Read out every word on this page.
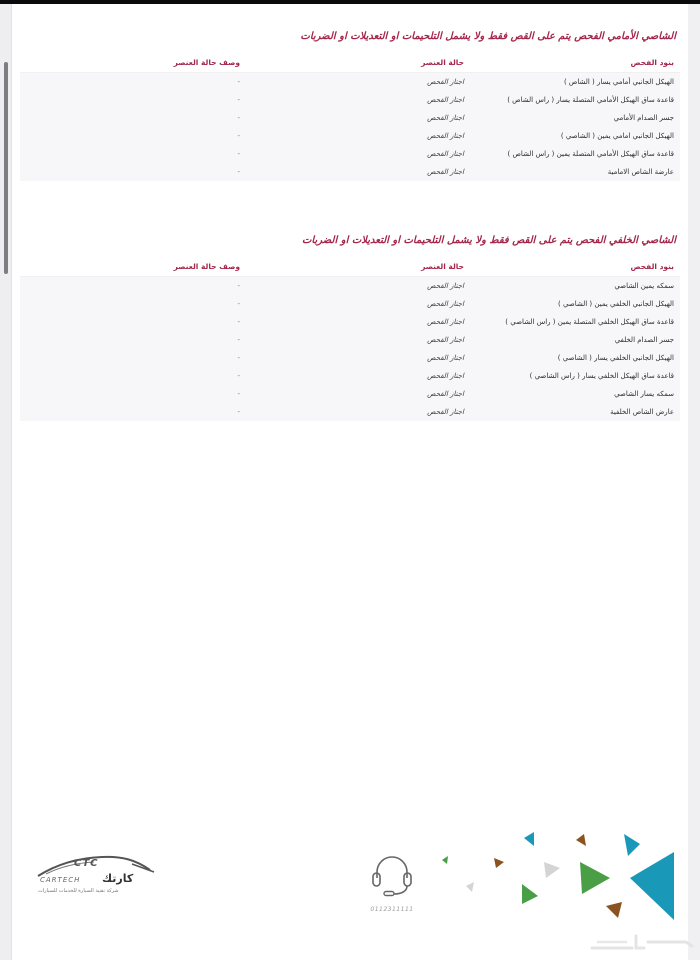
الشاصي الأمامي الفحص يتم على القص فقط ولا يشمل التلحيمات او التعديلات او الضربات
بنود الفحص
حالة العنصر
وصف حالة العنصر
الهيكل الجانبي أمامي يسار ( الشاص )
اجتاز الفحص
-
قاعدة ساق الهيكل الأمامي المتصلة يسار ( راس الشاص )
اجتاز الفحص
-
جسر الصدام الأمامي
اجتاز الفحص
-
الهيكل الجانبي امامي يمين ( الشاصي )
اجتاز الفحص
-
قاعدة ساق الهيكل الأمامي المتصلة يمين ( راس الشاص )
اجتاز الفحص
-
عارضة الشاص الامامية
اجتاز الفحص
-
الشاصي الخلفي الفحص يتم على القص فقط ولا يشمل التلحيمات او التعديلات او الضربات
بنود الفحص
حالة العنصر
وصف حالة العنصر
سمكه يمين الشاصي
اجتاز الفحص
-
الهيكل الجانبي الخلفي يمين ( الشاصي )
اجتاز الفحص
-
قاعدة ساق الهيكل الخلفي المتصلة يمين ( راس الشاصي )
اجتاز الفحص
-
جسر الصدام الخلفي
اجتاز الفحص
-
الهيكل الجانبي الخلفي يسار ( الشاصي )
اجتاز الفحص
-
قاعدة ساق الهيكل الخلفي يسار ( راس الشاصي )
اجتاز الفحص
-
سمكه يسار الشاصي
اجتاز الفحص
-
عارض الشاص الخلفية
اجتاز الفحص
-
CTC
CARTECH كارتك
شركة تقنية السيارة للخدمات للسيارات
0112311111
